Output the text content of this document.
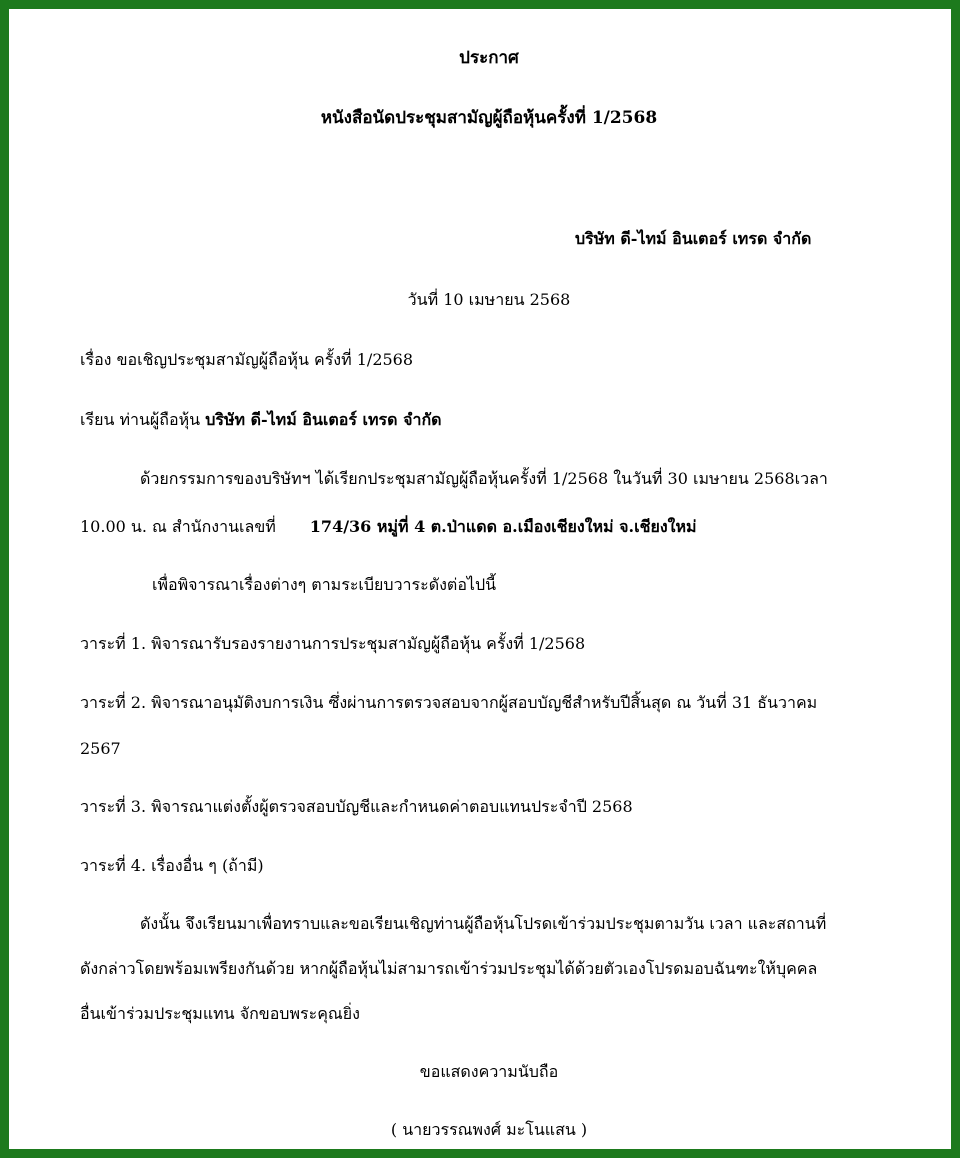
ประกาศ
หนังสือนัดประชุมสามัญผู้ถือหุ้นครั้งที่ 1/2568
บริษัท ดี-ไทม์ อินเตอร์ เทรด จำกัด
วันที่ 10 เมษายน 2568
เรื่อง ขอเชิญประชุมสามัญผู้ถือหุ้น ครั้งที่ 1/2568
เรียน ท่านผู้ถือหุ้น บริษัท ดี-ไทม์ อินเตอร์ เทรด จำกัด
ด้วยกรรมการของบริษัทฯ ได้เรียกประชุมสามัญผู้ถือหุ้นครั้งที่ 1/2568 ในวันที่ 30 เมษายน 2568เวลา
10.00 น. ณ สำนักงานเลขที่ 174/36 หมู่ที่ 4 ต.ป่าแดด อ.เมืองเชียงใหม่ จ.เชียงใหม่
เพื่อพิจารณาเรื่องต่างๆ ตามระเบียบวาระดังต่อไปนี้
วาระที่ 1. พิจารณารับรองรายงานการประชุมสามัญผู้ถือหุ้น ครั้งที่ 1/2568
วาระที่ 2. พิจารณาอนุมัติงบการเงิน ซึ่งผ่านการตรวจสอบจากผู้สอบบัญชีสำหรับปีสิ้นสุด ณ วันที่ 31 ธันวาคม
2567
วาระที่ 3. พิจารณาแต่งตั้งผู้ตรวจสอบบัญชีและกำหนดค่าตอบแทนประจำปี 2568
วาระที่ 4. เรื่องอื่น ๆ (ถ้ามี)
ดังนั้น จึงเรียนมาเพื่อทราบและขอเรียนเชิญท่านผู้ถือหุ้นโปรดเข้าร่วมประชุมตามวัน เวลา และสถานที่
ดังกล่าวโดยพร้อมเพรียงกันด้วย หากผู้ถือหุ้นไม่สามารถเข้าร่วมประชุมได้ด้วยตัวเองโปรดมอบฉันฑะให้บุคคล
อื่นเข้าร่วมประชุมแทน จักขอบพระคุณยิ่ง
ขอแสดงความนับถือ
( นายวรรณพงศ์ มะโนแสน )
